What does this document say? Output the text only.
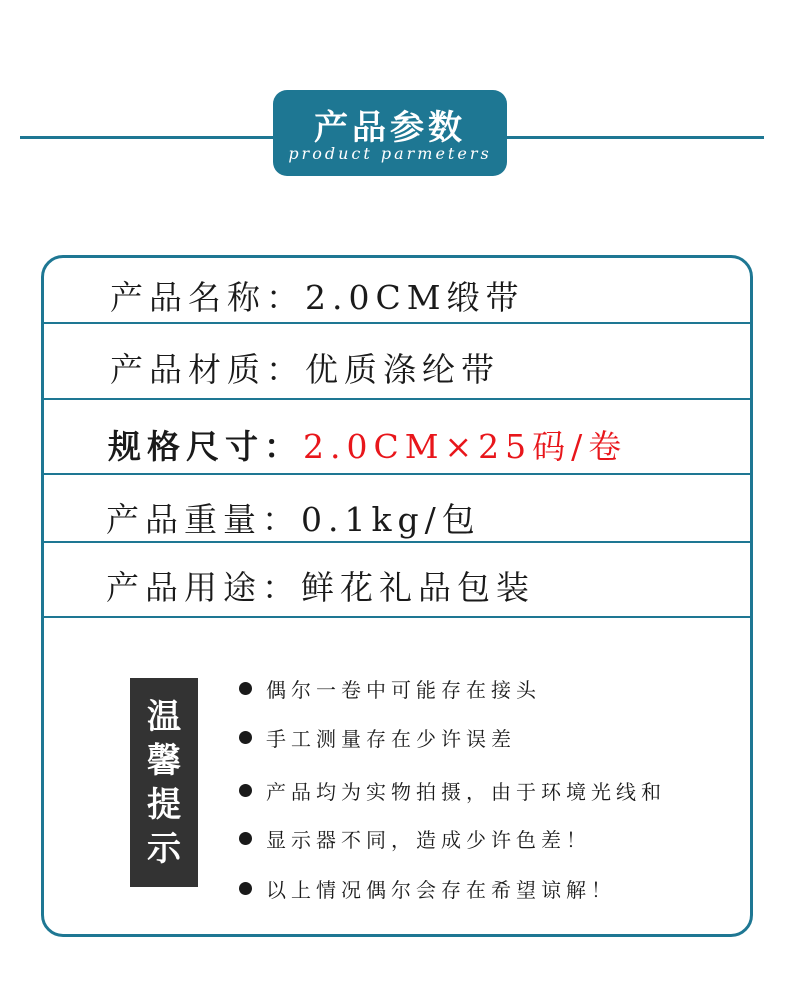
产品参数
product parmeters
产品名称： 2.0CM缎带
产品材质： 优质涤纶带
规格尺寸： 2.0CM×25码/卷
产品重量： 0.1kg/包
产品用途： 鲜花礼品包装
温
馨
提
示
偶尔一卷中可能存在接头
手工测量存在少许误差
产品均为实物拍摄，由于环境光线和
显示器不同，造成少许色差！
以上情况偶尔会存在希望谅解！
